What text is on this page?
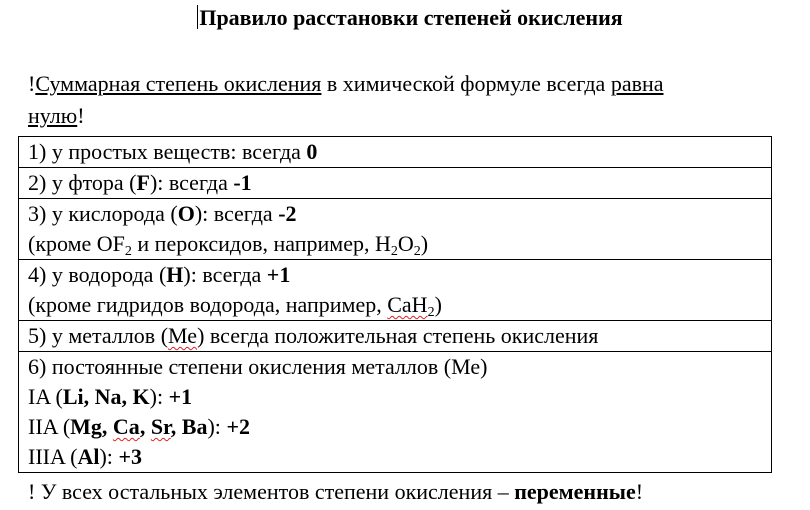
Правило расстановки степеней окисления
!Суммарная степень окисления в химической формуле всегда равна
нулю!
1) у простых веществ: всегда 0
2) у фтора (F): всегда -1
3) у кислорода (O): всегда -2
(кроме $OF_2$ и пероксидов, например, $H_2O_2$)
4) у водорода (H): всегда +1
(кроме гидридов водорода, например, CaH$_2$)
5) у металлов (Ме) всегда положительная степень окисления
6) постоянные степени окисления металлов (Ме)
IA (Li, Na, K): +1
IIA (Mg, Ca, Sr, Ba): +2
IIIA (Al): +3
! У всех остальных элементов степени окисления – переменные!
